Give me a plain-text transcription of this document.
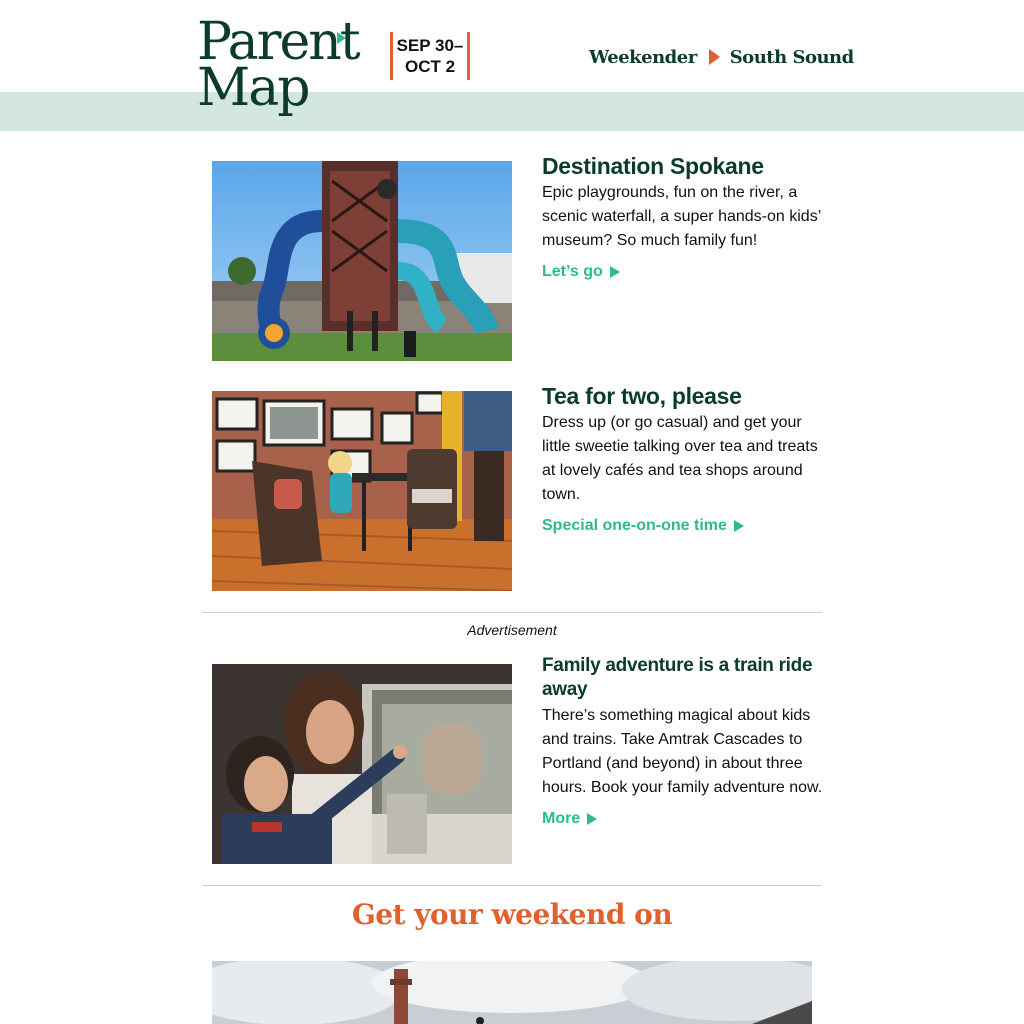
Parent
Map
SEP 30–
OCT 2	Weekender South Sound
Destination Spokane

Epic playgrounds, fun on the river, a scenic waterfall, a super hands-on kids’ museum? So much family fun!

Let’s go
Tea for two, please

Dress up (or go casual) and get your little sweetie talking over tea and treats at lovely cafés and tea shops around town.

Special one-on-one time
Advertisement
Family adventure is a train ride away

There’s something magical about kids and trains. Take Amtrak Cascades to Portland (and beyond) in about three hours. Book your family adventure now.

More
Get your weekend on
